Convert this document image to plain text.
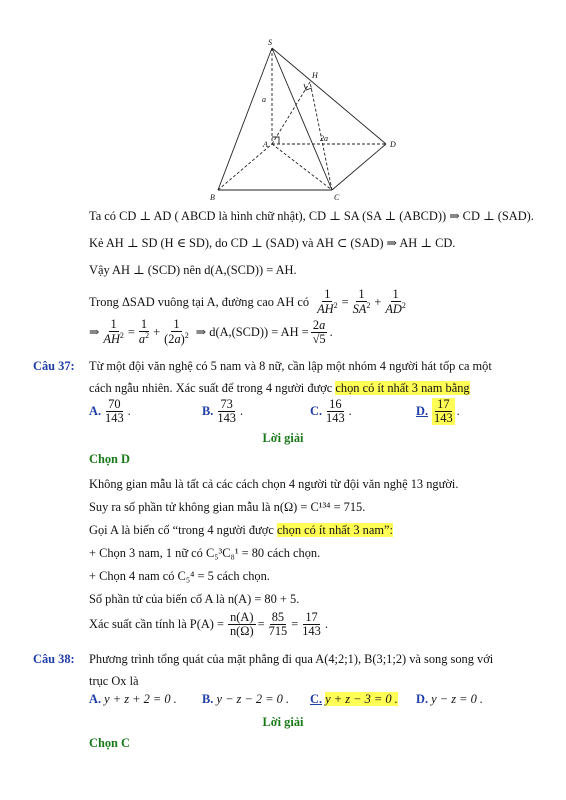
S
H
a
2a
A	D
B	C
Ta có CD ⊥ AD ( ABCD là hình chữ nhật), CD ⊥ SA (SA ⊥ (ABCD)) ⇒ CD ⊥ (SAD).
Kẻ AH ⊥ SD (H ∈ SD), do CD ⊥ (SAD) và AH ⊂ (SAD) ⇒ AH ⊥ CD.
Vậy AH ⊥ (SCD) nên d(A,(SCD)) = AH.
Trong ΔSAD vuông tại A, đường cao AH có $\frac{1}{AH^2} = \frac{1}{SA^2} + \frac{1}{AD^2}$
⇒ $\frac{1}{AH^2} = \frac{1}{a^2} + \frac{1}{(2a)^2}$ ⇒ d(A,(SCD)) = AH = $\frac{2a}{√5}$ .
Câu 37: Từ một đội văn nghệ có 5 nam và 8 nữ, cần lập một nhóm 4 người hát tốp ca một
cách ngẫu nhiên. Xác suất để trong 4 người được chọn có ít nhất 3 nam bằng
A. $\frac{70}{143}$ .	B. $\frac{73}{143}$ .	C. $\frac{16}{143}$ .	D. $\frac{17}{143}$ .
Lời giải
Chọn D
Không gian mẫu là tất cả các cách chọn 4 người từ đội văn nghệ 13 người.
Suy ra số phần tử không gian mẫu là n(Ω) = C¹³⁴ = 715.
Gọi A là biến cố “trong 4 người được chọn có ít nhất 3 nam”:
+ Chọn 3 nam, 1 nữ có C₅³C₈¹ = 80 cách chọn.
+ Chọn 4 nam có C₅⁴ = 5 cách chọn.
Số phần tử của biến cố A là n(A) = 80 + 5.
Xác suất cần tính là $P(A) = \frac{n(A)}{n(\Omega)} = \frac{85}{715} = \frac{17}{143}$ .
Câu 38: Phương trình tổng quát của mặt phẳng đi qua A(4;2;1), B(3;1;2) và song song với
trục Ox là
A. y + z + 2 = 0 . B. y − z − 2 = 0 . C. y + z − 3 = 0 . D. y − z = 0 .
Lời giải
Chọn C
